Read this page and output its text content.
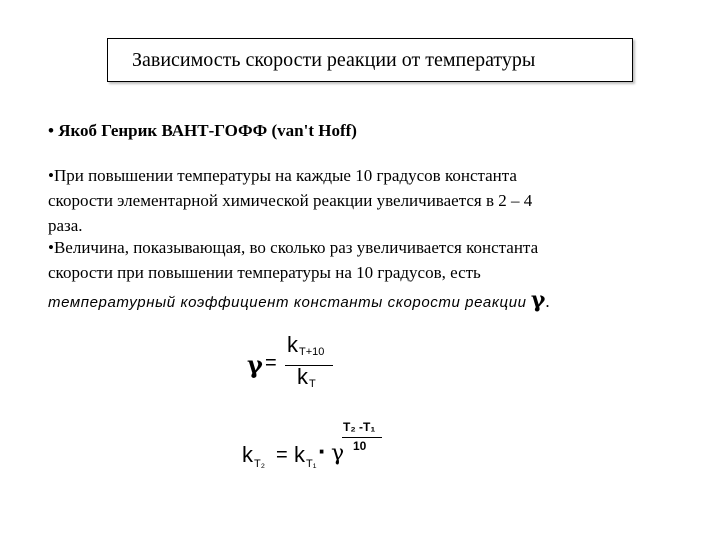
Зависимость скорости реакции от температуры
• Якоб Генрик ВАНТ-ГОФФ (van't Hoff)
•При повышении температуры на каждые 10 градусов константа
скорости элементарной химической реакции увеличивается в 2 – 4
раза.
•Величина, показывающая, во сколько раз увеличивается константа
скорости при повышении температуры на 10 градусов, есть
температурный коэффициент константы скорости реакции γ.
γ =
k T+10
k T
k T₂ = k T₁ · γ
T₂ -T₁
10
